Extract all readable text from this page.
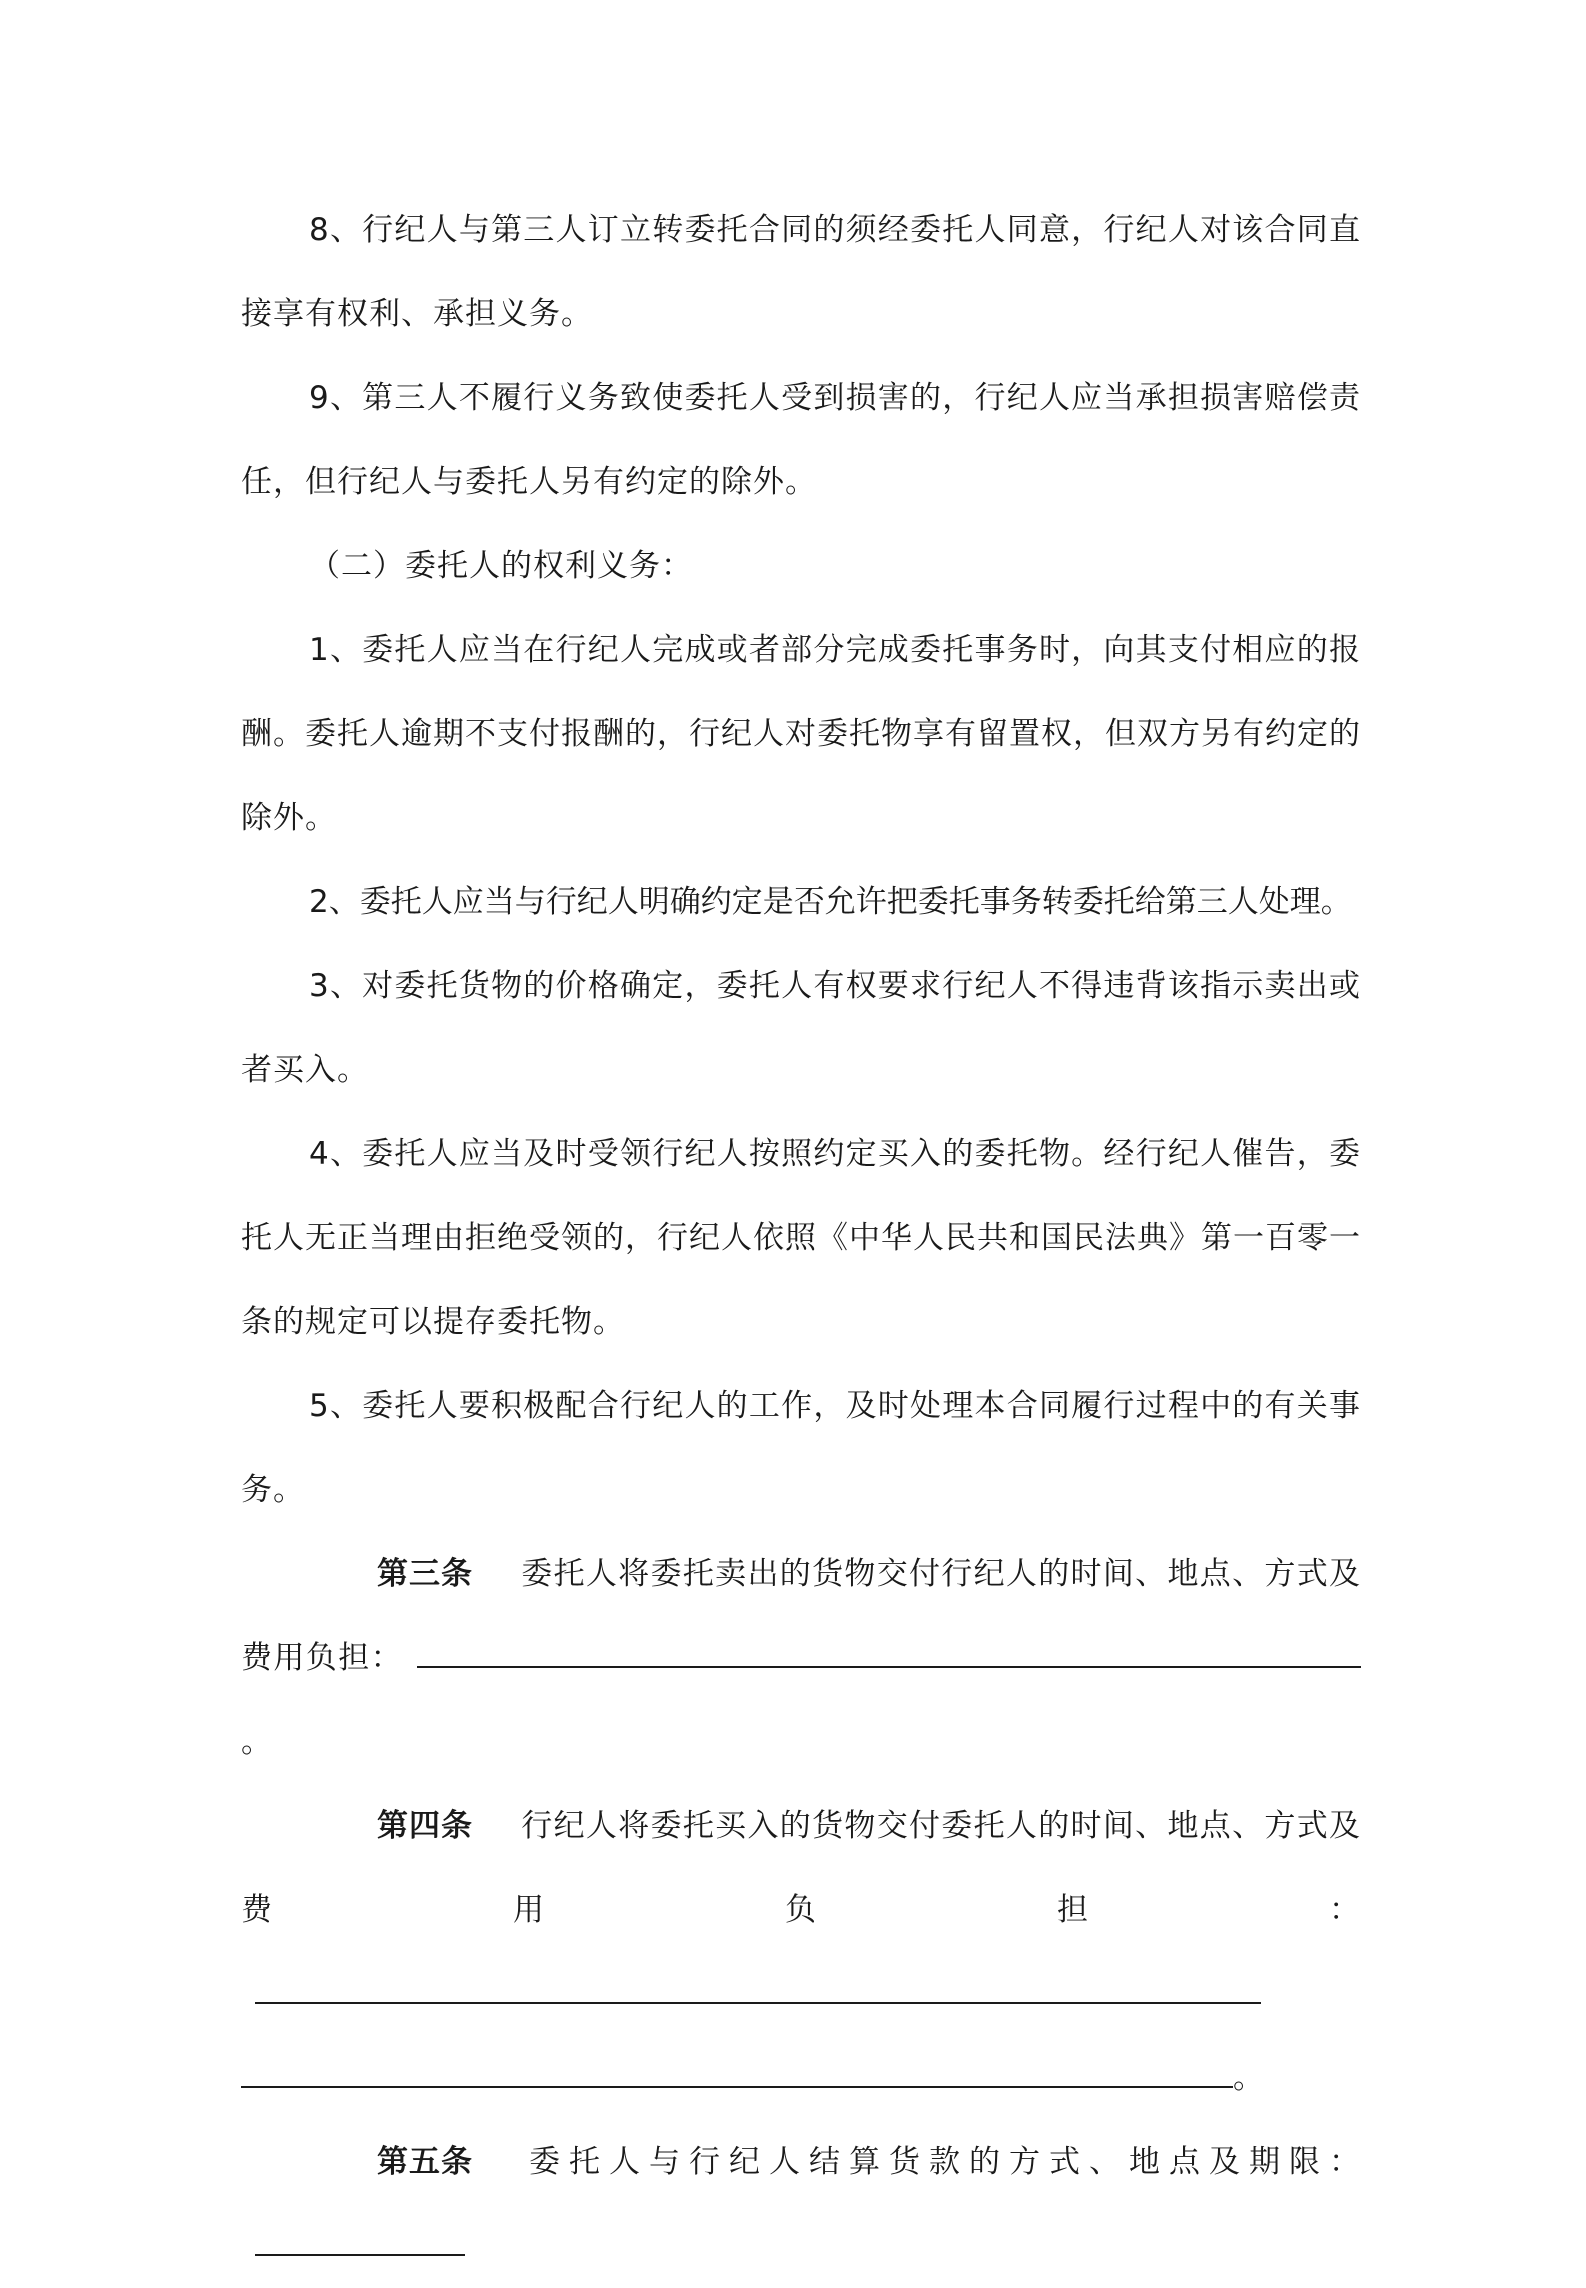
8、行纪人与第三人订立转委托合同的须经委托人同意，行纪人对该合同直接享有权利、承担义务。

9、第三人不履行义务致使委托人受到损害的，行纪人应当承担损害赔偿责任，但行纪人与委托人另有约定的除外。

（二）委托人的权利义务：

1、委托人应当在行纪人完成或者部分完成委托事务时，向其支付相应的报酬。委托人逾期不支付报酬的，行纪人对委托物享有留置权，但双方另有约定的除外。

2、委托人应当与行纪人明确约定是否允许把委托事务转委托给第三人处理。

3、对委托货物的价格确定，委托人有权要求行纪人不得违背该指示卖出或者买入。

4、委托人应当及时受领行纪人按照约定买入的委托物。经行纪人催告，委托人无正当理由拒绝受领的，行纪人依照《中华人民共和国民法典》第一百零一条的规定可以提存委托物。

5、委托人要积极配合行纪人的工作，及时处理本合同履行过程中的有关事务。

第三条 委托人将委托卖出的货物交付行纪人的时间、地点、方式及费用负担：。

第四条 行纪人将委托买入的货物交付委托人的时间、地点、方式及费用负担：

。

第五条 委托人与行纪人结算货款的方式、地点及期限：
